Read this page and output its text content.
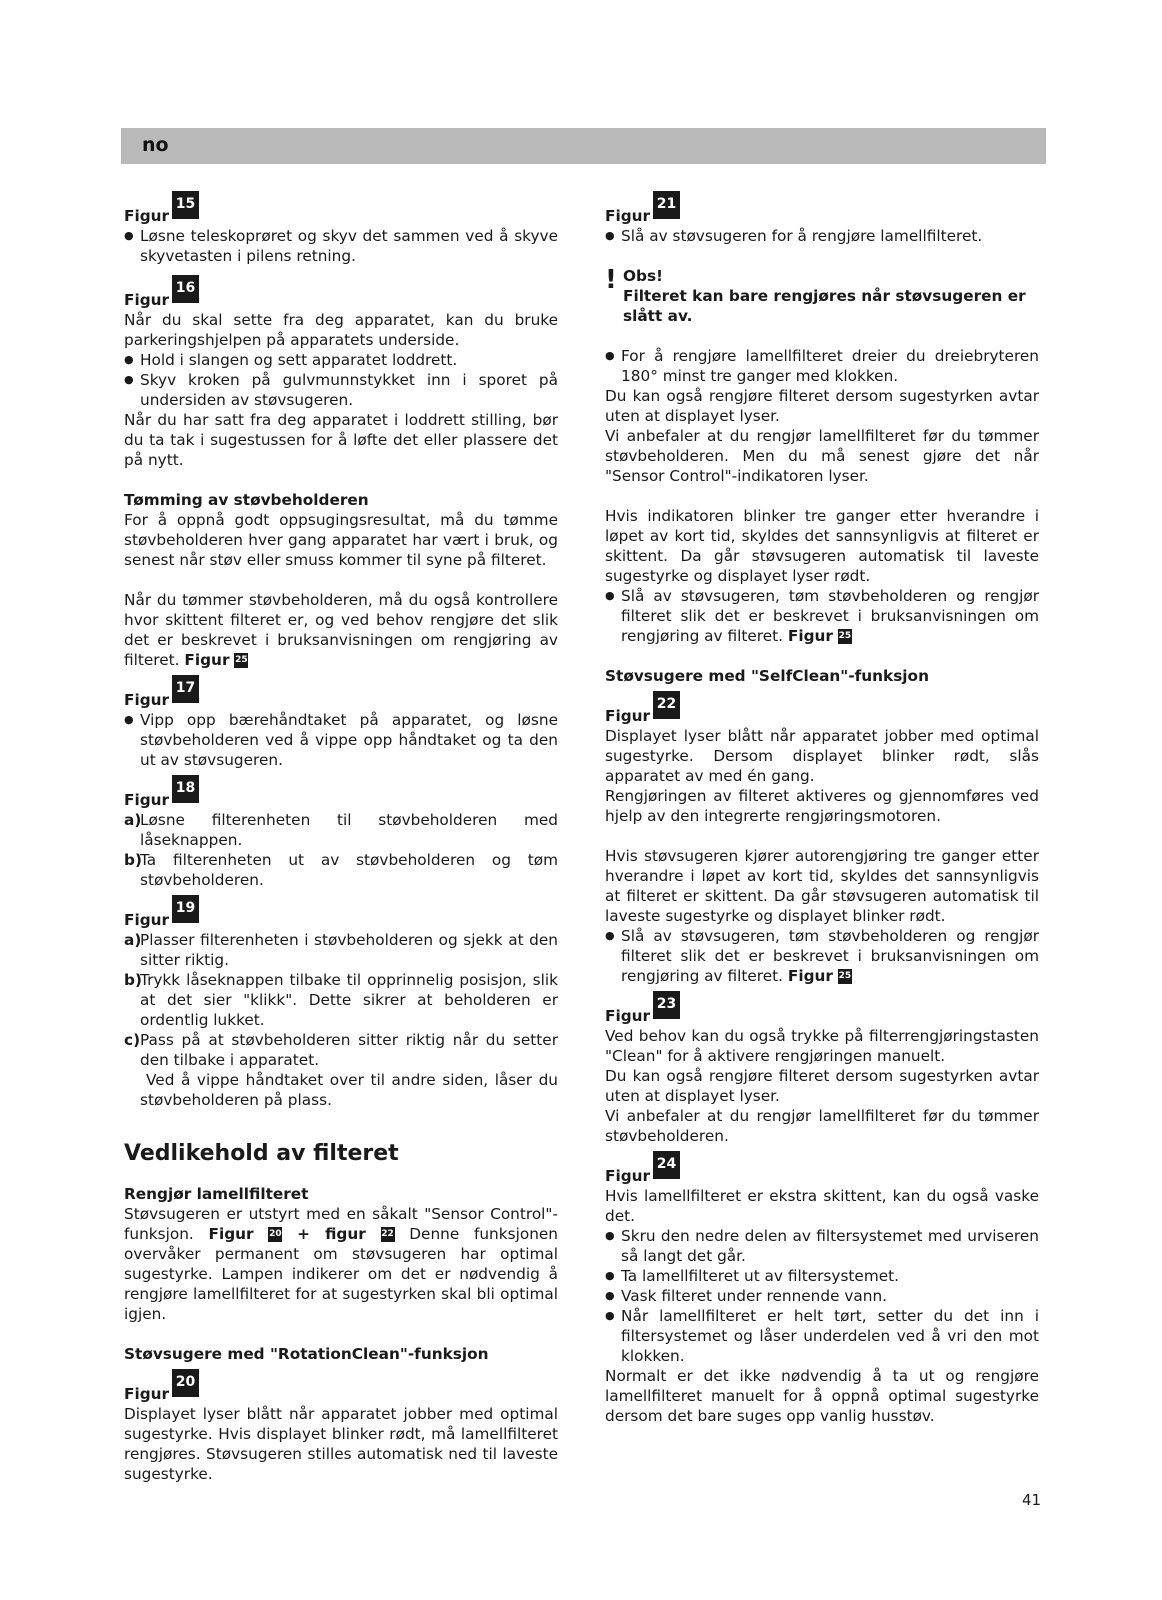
no
Figur
15
● Løsne teleskoprøret og skyv det sammen ved å skyve skyvetasten i pilens retning.
Figur
16

Når du skal sette fra deg apparatet, kan du bruke parkeringshjelpen på apparatets underside.

● Hold i slangen og sett apparatet loddrett.
● Skyv kroken på gulvmunnstykket inn i sporet på undersiden av støvsugeren.

Når du har satt fra deg apparatet i loddrett stilling, bør du ta tak i sugestussen for å løfte det eller plassere det på nytt.

Tømming av støvbeholderen

For å oppnå godt oppsugingsresultat, må du tømme støvbeholderen hver gang apparatet har vært i bruk, og senest når støv eller smuss kommer til syne på filteret.

Når du tømmer støvbeholderen, må du også kontrollere hvor skittent filteret er, og ved behov rengjøre det slik det er beskrevet i bruksanvisningen om rengjøring av filteret. Figur 25

Figur
17
● Vipp opp bærehåndtaket på apparatet, og løsne støvbeholderen ved å vippe opp håndtaket og ta den ut av støvsugeren.
Figur
18
a)
Løsne filterenheten til støvbeholderen med låseknappen.
b)
Ta filterenheten ut av støvbeholderen og tøm støvbeholderen.
Figur
19
a)
Plasser filterenheten i støvbeholderen og sjekk at den sitter riktig.
b)
Trykk låseknappen tilbake til opprinnelig posisjon, slik at det sier "klikk". Dette sikrer at beholderen er ordentlig lukket.
c) Pass på at støvbeholderen sitter riktig når du setter den tilbake i apparatet.
Ved å vippe håndtaket over til andre siden, låser du støvbeholderen på plass.

Vedlikehold av filteret

Rengjør lamellfilteret

Støvsugeren er utstyrt med en såkalt "Sensor Control"-funksjon. Figur 20 + figur 22 Denne funksjonen overvåker permanent om støvsugeren har optimal sugestyrke. Lampen indikerer om det er nødvendig å rengjøre lamellfilteret for at sugestyrken skal bli optimal igjen.

Støvsugere med "RotationClean"-funksjon

Figur
20

Displayet lyser blått når apparatet jobber med optimal sugestyrke. Hvis displayet blinker rødt, må lamellfilteret rengjøres. Støvsugeren stilles automatisk ned til laveste sugestyrke.

Figur
21
● Slå av støvsugeren for å rengjøre lamellfilteret.
! Obs!
Filteret kan bare rengjøres når støvsugeren er slått av.
● For å rengjøre lamellfilteret dreier du dreiebryteren 180° minst tre ganger med klokken.

Du kan også rengjøre filteret dersom sugestyrken avtar uten at displayet lyser.

Vi anbefaler at du rengjør lamellfilteret før du tømmer støvbeholderen. Men du må senest gjøre det når "Sensor Control"-indikatoren lyser.

Hvis indikatoren blinker tre ganger etter hverandre i løpet av kort tid, skyldes det sannsynligvis at filteret er skittent. Da går støvsugeren automatisk til laveste sugestyrke og displayet lyser rødt.

● Slå av støvsugeren, tøm støvbeholderen og rengjør filteret slik det er beskrevet i bruksanvisningen om rengjøring av filteret. Figur 25

Støvsugere med "SelfClean"-funksjon

Figur
22

Displayet lyser blått når apparatet jobber med optimal sugestyrke. Dersom displayet blinker rødt, slås apparatet av med én gang.

Rengjøringen av filteret aktiveres og gjennomføres ved hjelp av den integrerte rengjøringsmotoren.

Hvis støvsugeren kjører autorengjøring tre ganger etter hverandre i løpet av kort tid, skyldes det sannsynligvis at filteret er skittent. Da går støvsugeren automatisk til laveste sugestyrke og displayet blinker rødt.

● Slå av støvsugeren, tøm støvbeholderen og rengjør filteret slik det er beskrevet i bruksanvisningen om rengjøring av filteret. Figur 25
Figur
23

Ved behov kan du også trykke på filterrengjøringstasten "Clean" for å aktivere rengjøringen manuelt.

Du kan også rengjøre filteret dersom sugestyrken avtar uten at displayet lyser.

Vi anbefaler at du rengjør lamellfilteret før du tømmer støvbeholderen.

Figur
24

Hvis lamellfilteret er ekstra skittent, kan du også vaske det.

● Skru den nedre delen av filtersystemet med urviseren så langt det går.
● Ta lamellfilteret ut av filtersystemet.
● Vask filteret under rennende vann.
● Når lamellfilteret er helt tørt, setter du det inn i filtersystemet og låser underdelen ved å vri den mot klokken.

Normalt er det ikke nødvendig å ta ut og rengjøre lamellfilteret manuelt for å oppnå optimal sugestyrke dersom det bare suges opp vanlig husstøv.

41
